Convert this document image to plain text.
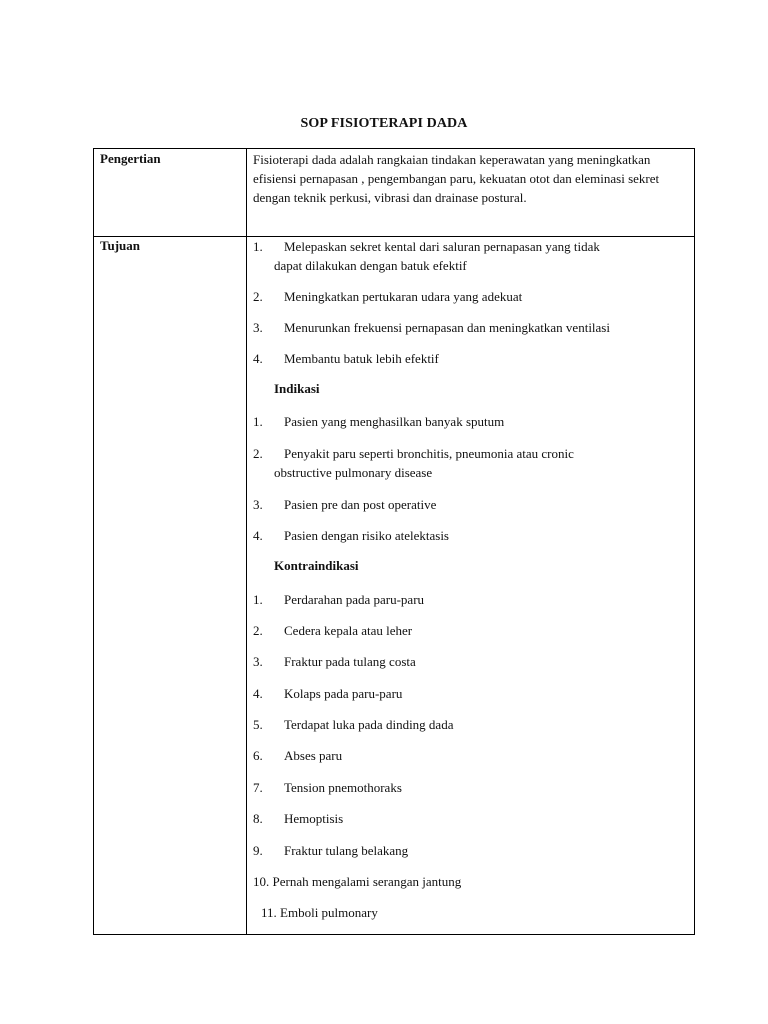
SOP FISIOTERAPI DADA
Pengertian	Fisioterapi dada adalah rangkaian tindakan keperawatan yang meningkatkan efisiensi pernapasan , pengembangan paru, kekuatan otot dan eleminasi sekret dengan teknik perkusi, vibrasi dan drainase postural.
Tujuan	1. Melepaskan sekret kental dari saluran pernapasan yang tidak
dapat dilakukan dengan batuk efektif
2. Meningkatkan pertukaran udara yang adekuat
3. Menurunkan frekuensi pernapasan dan meningkatkan ventilasi
4. Membantu batuk lebih efektif
Indikasi
1. Pasien yang menghasilkan banyak sputum
2. Penyakit paru seperti bronchitis, pneumonia atau cronic
obstructive pulmonary disease
3. Pasien pre dan post operative
4. Pasien dengan risiko atelektasis
Kontraindikasi
1. Perdarahan pada paru-paru
2. Cedera kepala atau leher
3. Fraktur pada tulang costa
4. Kolaps pada paru-paru
5. Terdapat luka pada dinding dada
6. Abses paru
7. Tension pnemothoraks
8. Hemoptisis
9. Fraktur tulang belakang
10. Pernah mengalami serangan jantung
11. Emboli pulmonary
